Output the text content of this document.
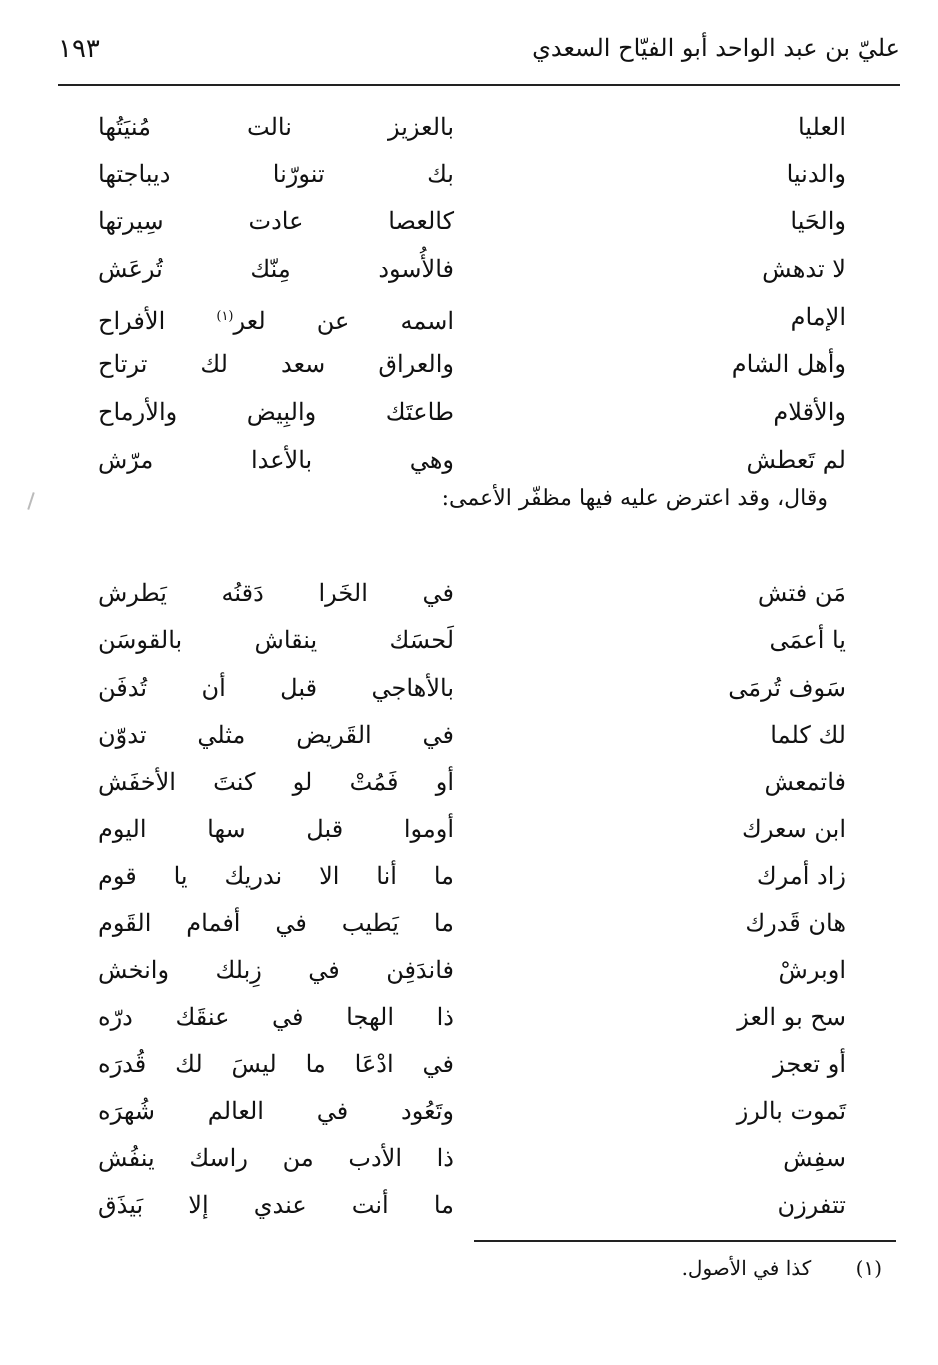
عليّ بن عبد الواحد أبو الفيّاح السعدي
١٩٣
العليا
بالعزيز نالت مُنيَتُها
والدنيا
بك تنورّنا ديباجتها
والحَيا
كالعصا عادت سِيرتها
لا تدهش
فالأُسود مِنّك تُرعَش
الإمام
اسمه عن لعر$^{(١)}$ الأفراح
وأهل الشام
والعراق سعد لك ترتاح
والأقلام
طاعتَك والبِيض والأرماح
لم تَعطش
وهي بالأعدا مرّش
وقال، وقد اعترض عليه فيها مظفّر الأعمى:
مَن فتش
في الخَرا دَقنُه يَطرش
يا أعمَى
لَحسَك ينقاش بالقوسَن
سَوف تُرمَى
بالأهاجي قبل أن تُدفَن
لك كلما
في القَريض مثلي تدوّن
فاتمعش
أو فَمُتْ لو كنتَ الأخفَش
ابن سعرك
أوموا قبل سها اليوم
زاد أمرك
ما أنا الا ندريك يا قوم
هان قَدرك
ما يَطيب في أفمام القَوم
اوبرشْ
فاندَفِن في زِبلك وانخش
سح بو العز
ذا الهجا في عنقَك درّه
أو تعجز
في ادْعَا ما ليسَ لك قُدرَه
تَموت بالرز
وتَعُود في العالم شُهرَه
سفِش
ذا الأدب من راسك ينفُش
تتفرزن
ما أنت عندي إلا بَيذَق
(١) كذا في الأصول.
